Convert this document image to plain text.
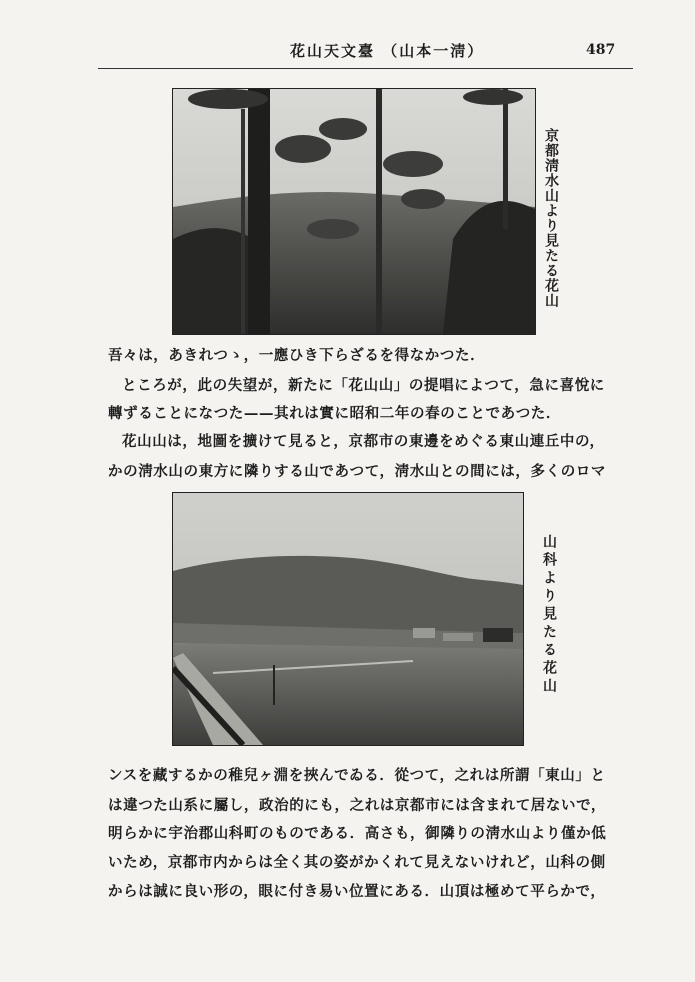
花山天文臺 （山本一淸）	487
京都淸水山より見たる花山
吾々は，あきれつゝ，一應ひき下らざるを得なかつた．
ところが，此の失望が，新たに「花山山」の提唱によつて，急に喜悅に
轉ずることになつた——其れは實に昭和二年の春のことであつた．
花山山は，地圖を擴けて見ると，京都市の東邊をめぐる東山連丘中の，
かの淸水山の東方に隣りする山であつて，淸水山との間には，多くのロマ
山科より見たる花山
ンスを藏するかの稚兒ヶ淵を挾んでゐる．從つて，之れは所謂「東山」と
は違つた山系に屬し，政治的にも，之れは京都市には含まれて居ないで，
明らかに宇治郡山科町のものである．高さも，御隣りの淸水山より僅か低
いため，京都市内からは全く其の姿がかくれて見えないけれど，山科の側
からは誠に良い形の，眼に付き易い位置にある．山頂は極めて平らかで，
